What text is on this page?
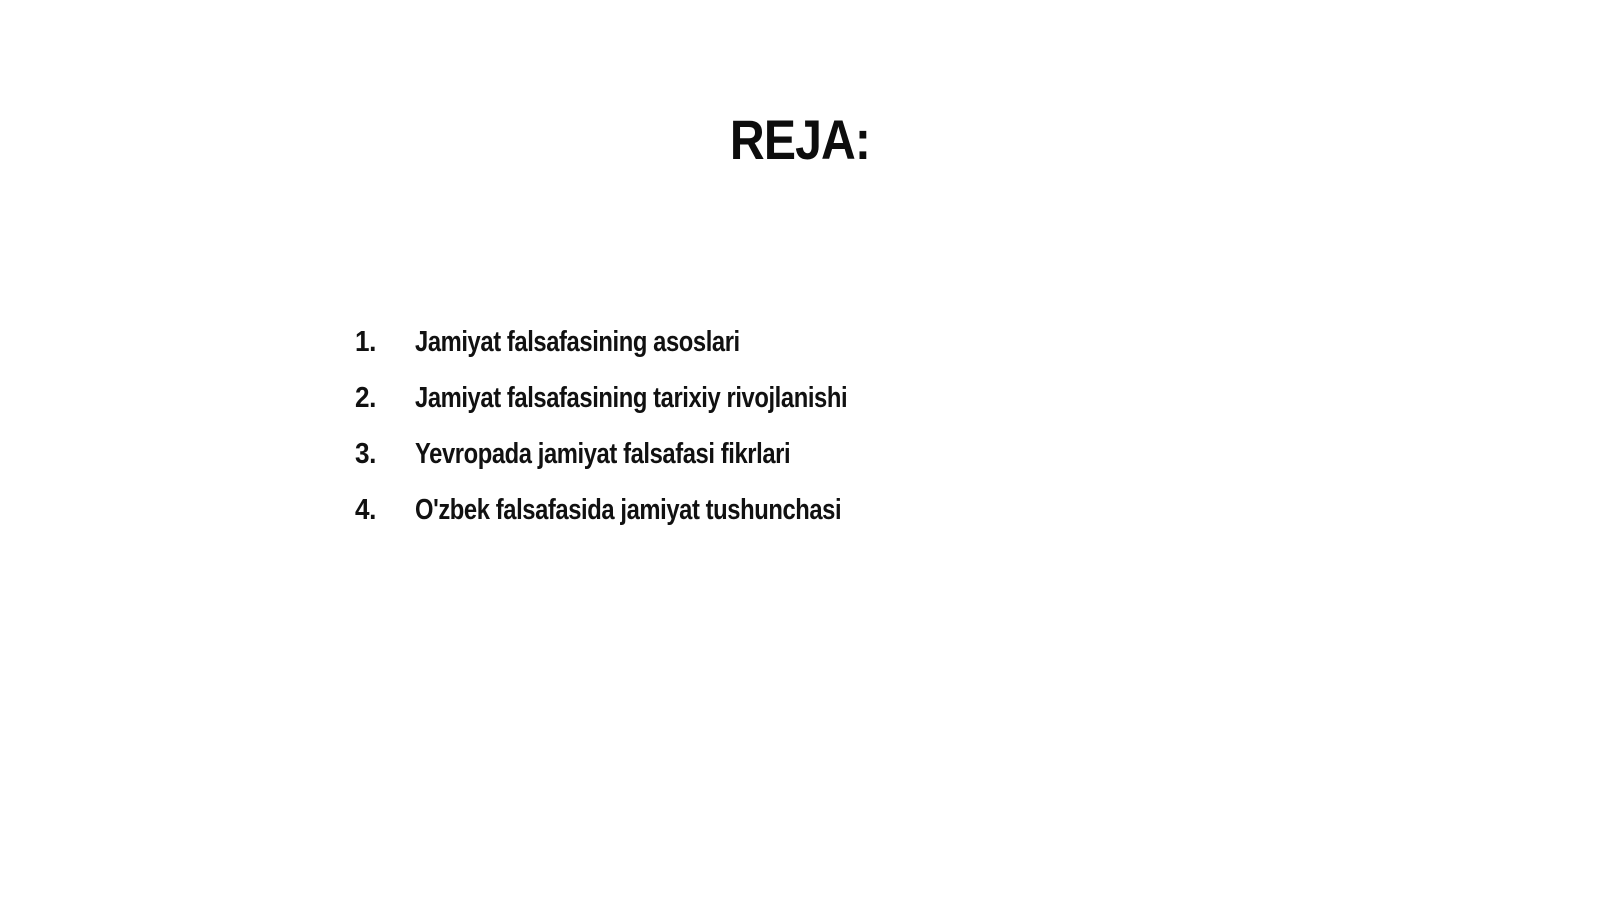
REJA:
1.	Jamiyat falsafasining asoslari
2.	Jamiyat falsafasining tarixiy rivojlanishi
3.	Yevropada jamiyat falsafasi fikrlari
4.	O'zbek falsafasida jamiyat tushunchasi
